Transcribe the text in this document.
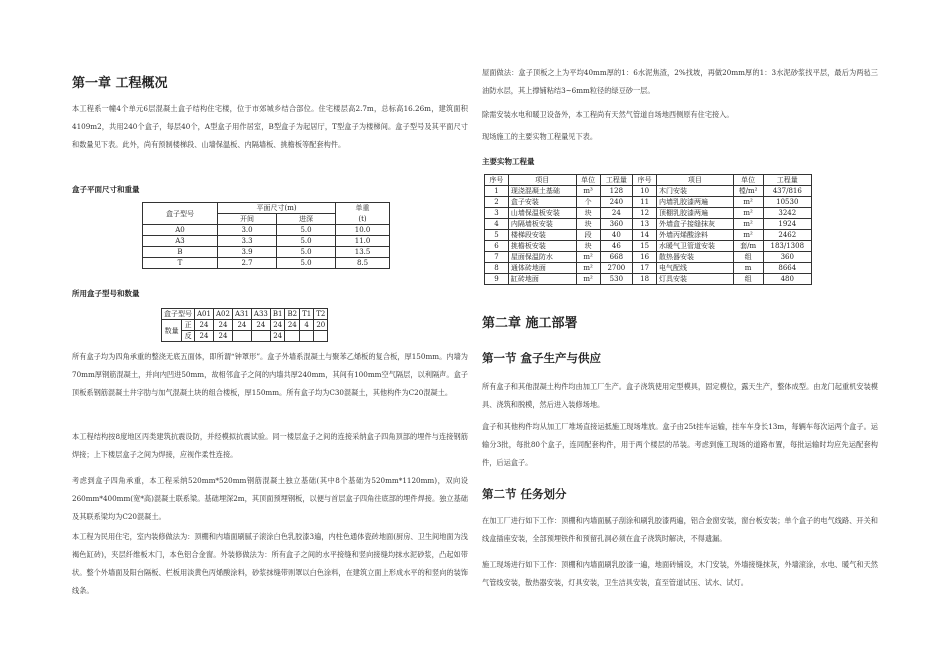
第一章 工程概况

本工程系一幢4个单元6层混凝土盒子结构住宅楼，位于市郊城乡结合部位。住宅楼层高2.7m，总标高16.26m，建筑面积4109m2，共用240个盒子，每层40个，A型盒子用作居室，B型盒子为起居厅，T型盒子为楼梯间。盒子型号及其平面尺寸和数量见下表。此外，尚有预制楼梯段、山墙保温板、内隔墙板、挑檐板等配套构件。

盒子平面尺寸和重量
盒子型号	平面尺寸(m)		单重
	开间	进深	(t)
A0	3.0	5.0	10.0
A3	3.3	5.0	11.0
B	3.9	5.0	13.5
T	2.7	5.0	8.5
所用盒子型号和数量
盒子型号		A01	A02	A31	A33	B1	B2	T1	T2
数量	正	24	24	24	24	24	24	4	20
	反	24	24			24			

所有盒子均为四角承重的整浇无底五面体，即所谓“钟罩形”。盒子外墙系混凝土与聚苯乙烯板的复合板，厚150mm。内墙为70mm厚钢筋混凝土，并向内凹进50mm，故相邻盒子之间的内墙共厚240mm，其间有100mm空气隔层，以利隔声。盒子顶板系钢筋混凝土井字肋与加气混凝土块的组合楼板，厚150mm。所有盒子均为C30混凝土，其他构件为C20混凝土。

本工程结构按8度地区丙类建筑抗震设防，并经模拟抗震试验。同一楼层盒子之间的连接采纳盒子四角顶部的埋件与连接钢筋焊接；上下楼层盒子之间为焊接，应视作柔性连接。

考虑到盒子四角承重，本工程采纳520mm*520mm钢筋混凝土独立基础(其中8个基础为520mm*1120mm)，双向设260mm*400mm(宽*高)混凝土联系梁。基础埋深2m，其顶面预埋钢板，以便与首层盒子四角往底部的埋件焊接。独立基础及其联系梁均为C20混凝土。

本工程为民用住宅，室内装修做法为：顶棚和内墙面刷腻子滚涂白色乳胶漆3遍，内柱色通体瓷砖地面(厨房、卫生间地面为浅褐色缸砖)，夹层纤维板木门，本色铝合金窗。外装修做法为：所有盒子之间的水平接缝和竖向接缝均抹水泥砂浆，凸起如带状。整个外墙面及阳台隔板、栏板用淡黄色丙烯酸涂料，砂浆抹缝带则罩以白色涂料，在建筑立面上形成水平的和竖向的装饰线条。

屋面做法：盒子顶板之上为平均40mm厚的1：6水泥焦渣，2%找坡，再做20mm厚的1：3水泥砂浆找平层，最后为两毡三油防水层，其上撑铺粘结3~6mm粒径的绿豆砂一层。

除需安装水电和暖卫设备外，本工程尚有天然气管道自场地西侧原有住宅接入。

现场施工的主要实物工程量见下表。

主要实物工程量
序号	项目	单位	工程量	序号	项目	单位	工程量
1	现浇混凝土基础	m³	128	10	木门安装	樘/m²	437/816
2	盒子安装	个	240	11	内墙乳胶漆两遍	m²	10530
3	山墙保温板安装	块	24	12	顶棚乳胶漆两遍	m²	3242
4	内隔墙板安装	块	360	13	外墙盒子接缝抹灰	m²	1924
5	楼梯段安装	段	40	14	外墙丙烯酸涂料	m²	2462
6	挑檐板安装	块	46	15	水暖气卫管道安装	套/m	183/1308
7	屋面保温防水	m²	668	16	散热器安装	组	360
8	通体砖地面	m²	2700	17	电气配线	m	8664
9	缸砖地面	m²	530	18	灯具安装	组	480
第二章 施工部署
第一节 盒子生产与供应

所有盒子和其他混凝土构件均由加工厂生产。盒子浇筑使用定型模具，固定模位，露天生产，整体成型。由龙门起重机安装模具、浇筑和脱模，然后进入装修场地。

盒子和其他构件均从加工厂堆场直接运抵施工现场堆放。盒子由25t挂车运输，挂车车身长13m，每辆车每次运两个盒子。运输分3批，每批80个盒子，连同配套构件，用于两个楼层的吊装。考虑到施工现场的道路布置，每批运输时均应先运配套构件，后运盒子。

第二节 任务划分

在加工厂进行如下工作：顶棚和内墙面腻子刮涂和刷乳胶漆两遍，铝合金窗安装，窗台板安装；单个盒子的电气线路、开关和线盒插座安装，全部预埋铁件和预留孔洞必须在盒子浇筑时解决，不得遗漏。

施工现场进行如下工作：顶棚和内墙面刷乳胶漆一遍，地面砖铺设，木门安装，外墙接缝抹灰，外墙滚涂，水电、暖气和天然气管线安装，散热器安装，灯具安装，卫生洁具安装，直至管道试压、试水、试灯。
